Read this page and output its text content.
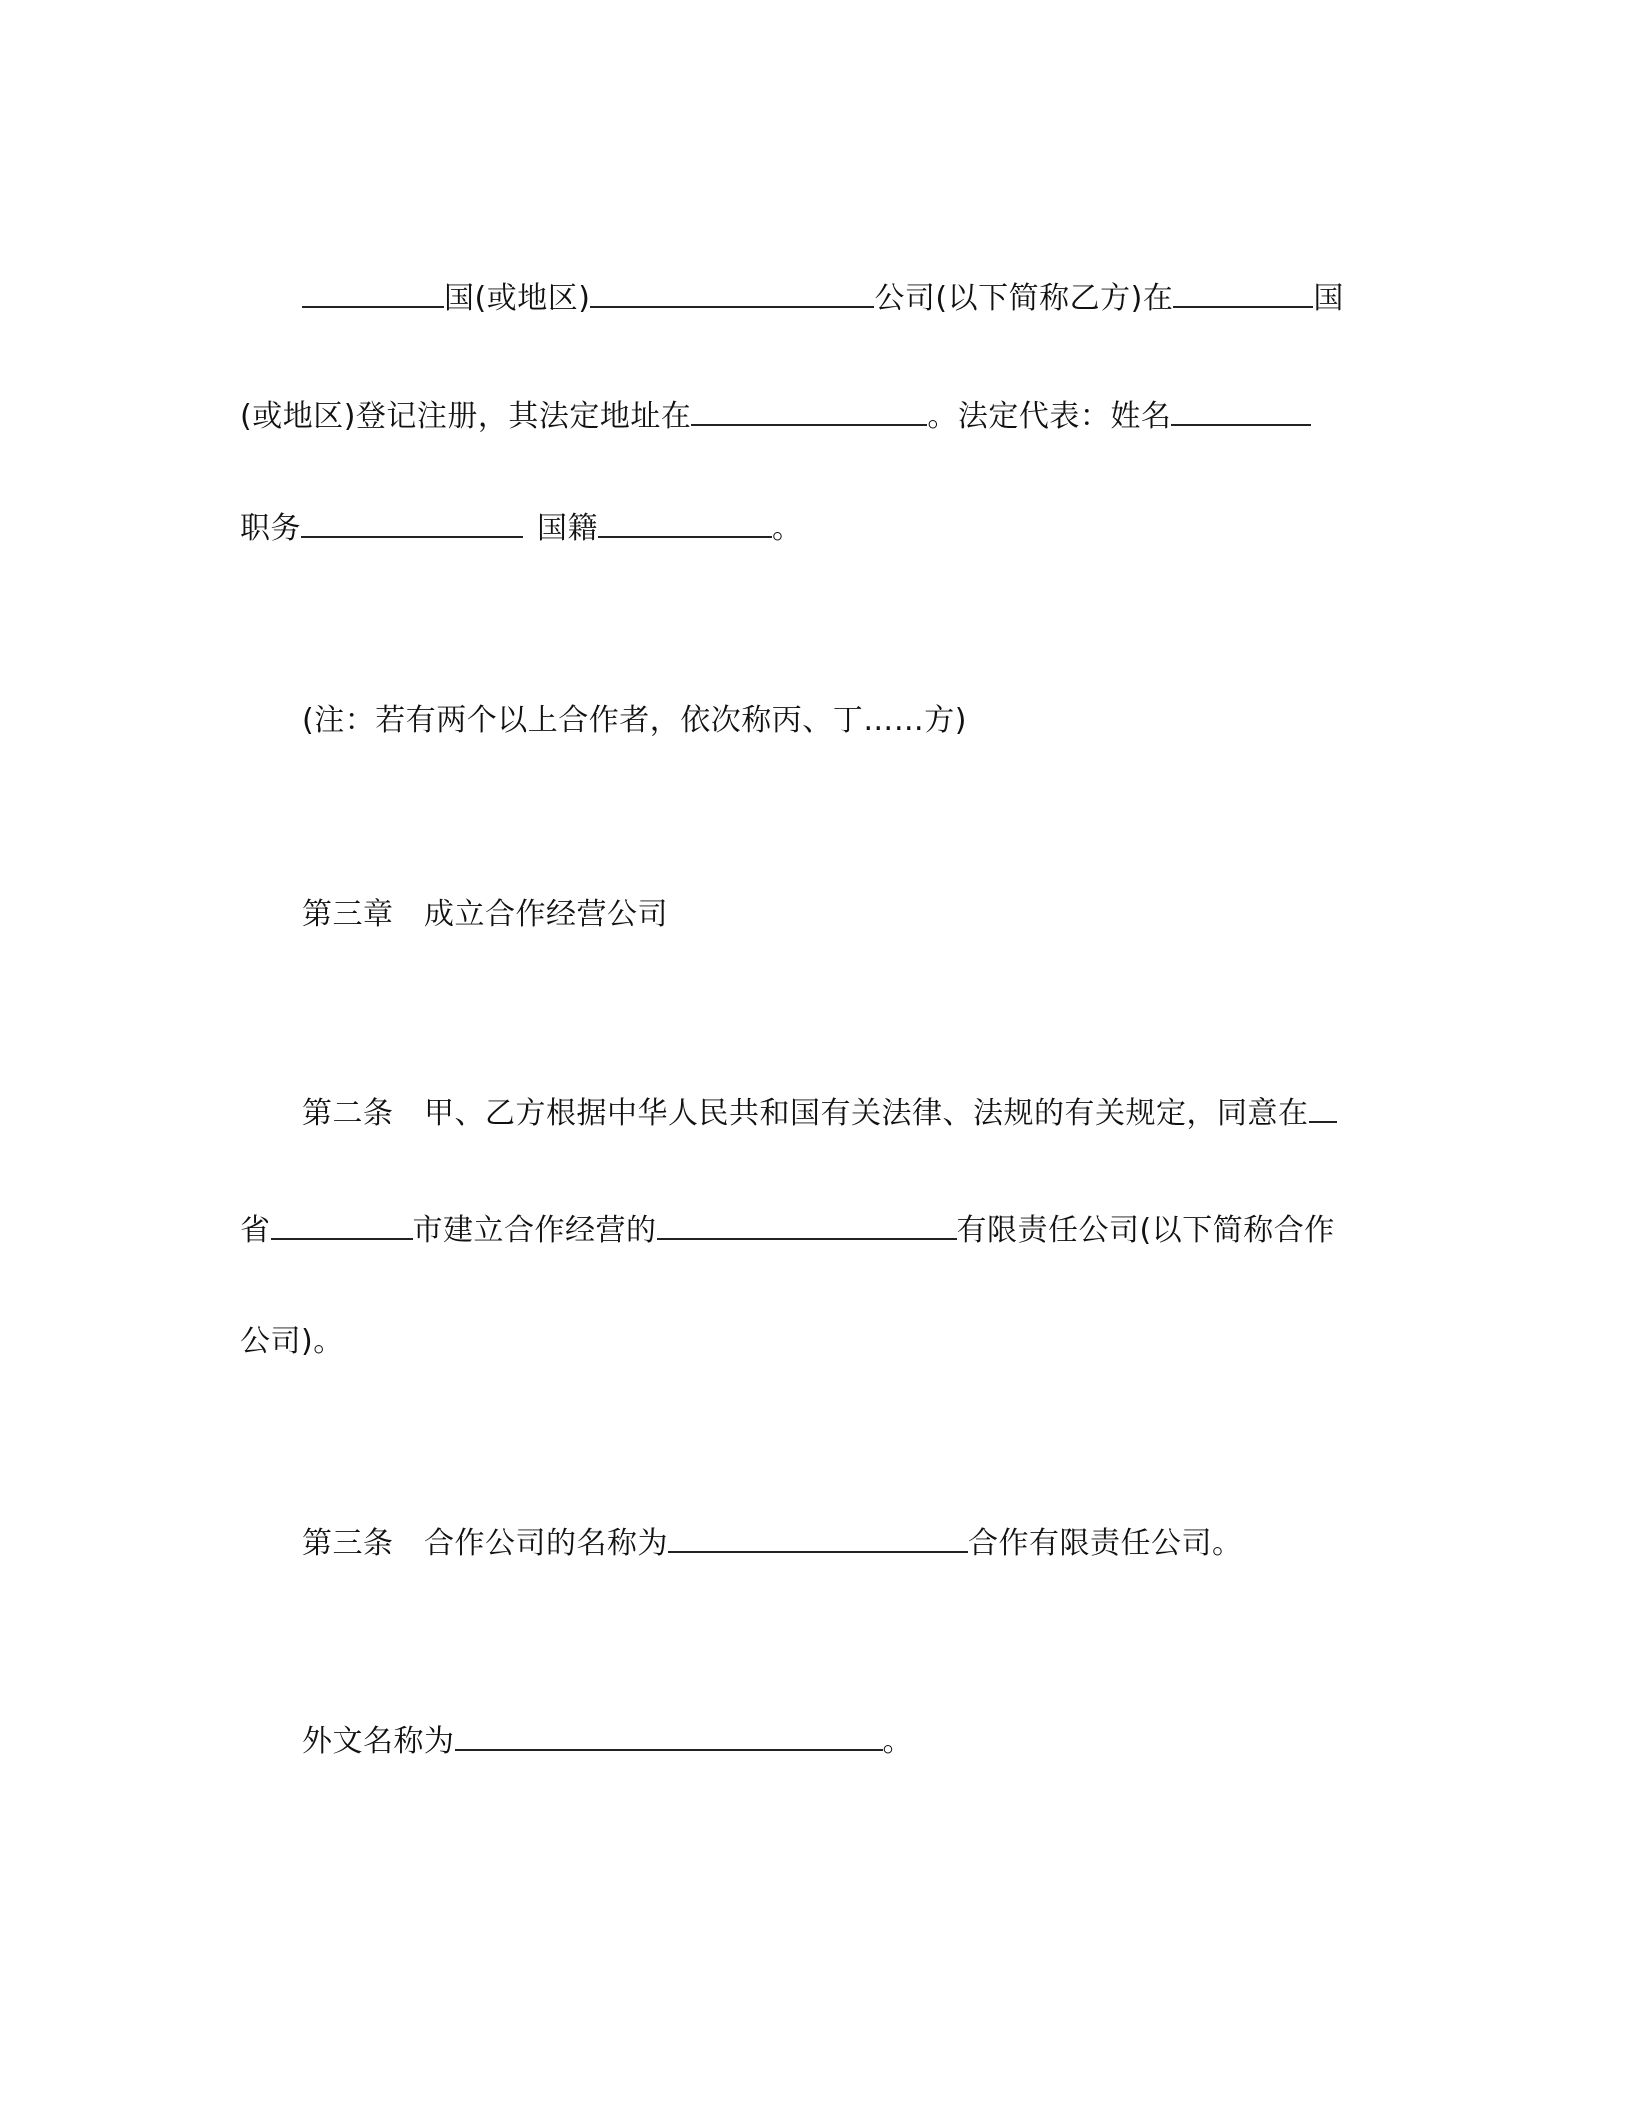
国(或地区)	公司(以下简称乙方)在	国
(或地区)登记注册，其法定地址在	。法定代表：姓名
职务	国籍	。
(注：若有两个以上合作者，依次称丙、丁……方)
第三章　成立合作经营公司
第二条　甲、乙方根据中华人民共和国有关法律、法规的有关规定，同意在
省	市建立合作经营的	有限责任公司(以下简称合作
公司)。
第三条　合作公司的名称为	合作有限责任公司。
外文名称为	。
